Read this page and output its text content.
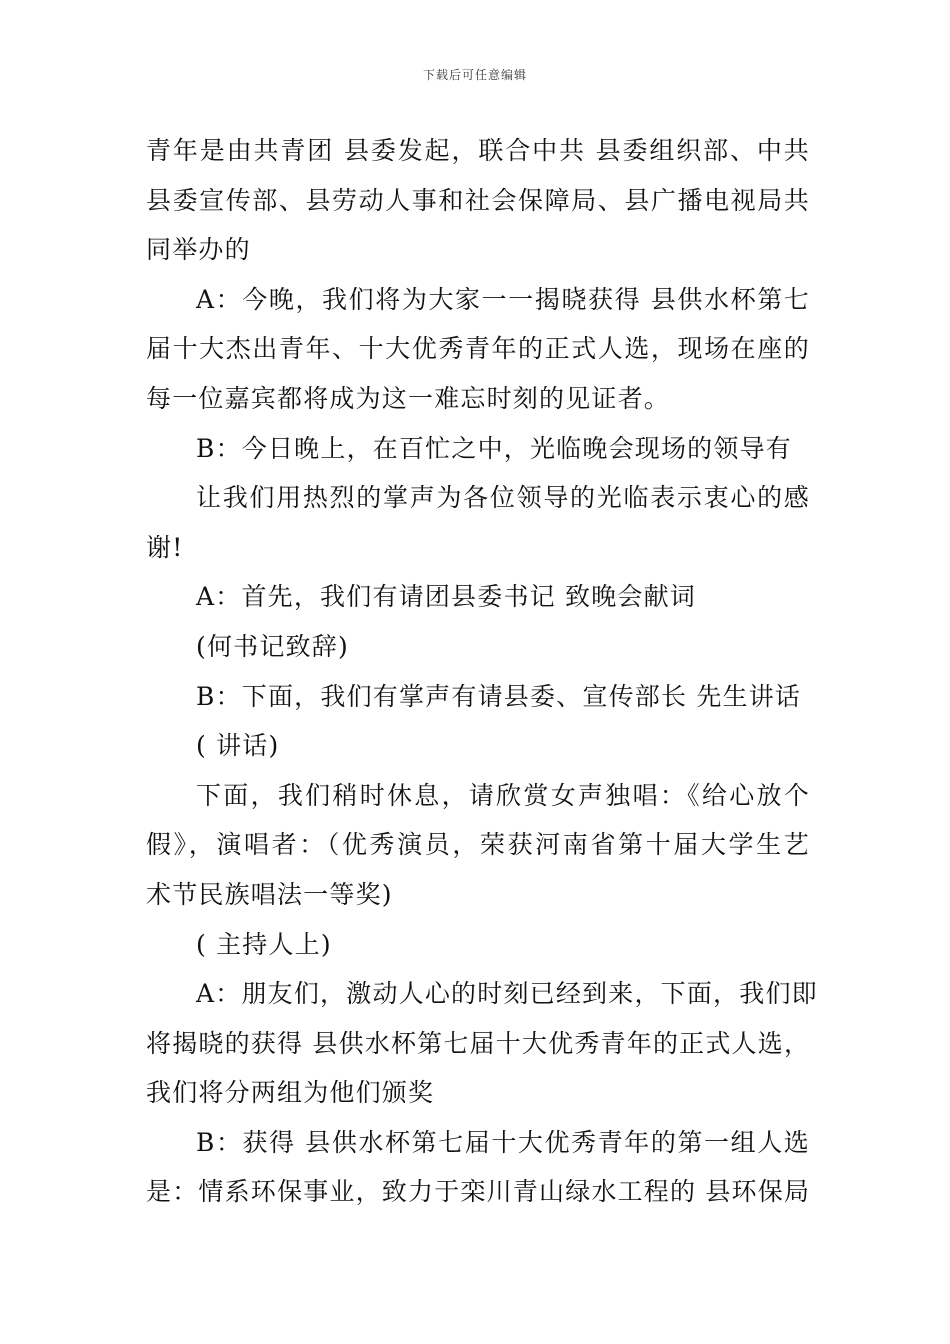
下载后可任意编辑
青年是由共青团 县委发起，联合中共 县委组织部、中共
县委宣传部、县劳动人事和社会保障局、县广播电视局共
同举办的
A：今晚，我们将为大家一一揭晓获得 县供水杯第七
届十大杰出青年、十大优秀青年的正式人选，现场在座的
每一位嘉宾都将成为这一难忘时刻的见证者。
B：今日晚上，在百忙之中，光临晚会现场的领导有
让我们用热烈的掌声为各位领导的光临表示衷心的感
谢!
A：首先，我们有请团县委书记 致晚会献词
(何书记致辞)
B：下面，我们有掌声有请县委、宣传部长 先生讲话
( 讲话)
下面，我们稍时休息，请欣赏女声独唱：《给心放个
假》，演唱者：（优秀演员，荣获河南省第十届大学生艺
术节民族唱法一等奖)
( 主持人上)
A：朋友们，激动人心的时刻已经到来，下面，我们即
将揭晓的获得 县供水杯第七届十大优秀青年的正式人选，
我们将分两组为他们颁奖
B：获得 县供水杯第七届十大优秀青年的第一组人选
是：情系环保事业，致力于栾川青山绿水工程的 县环保局
